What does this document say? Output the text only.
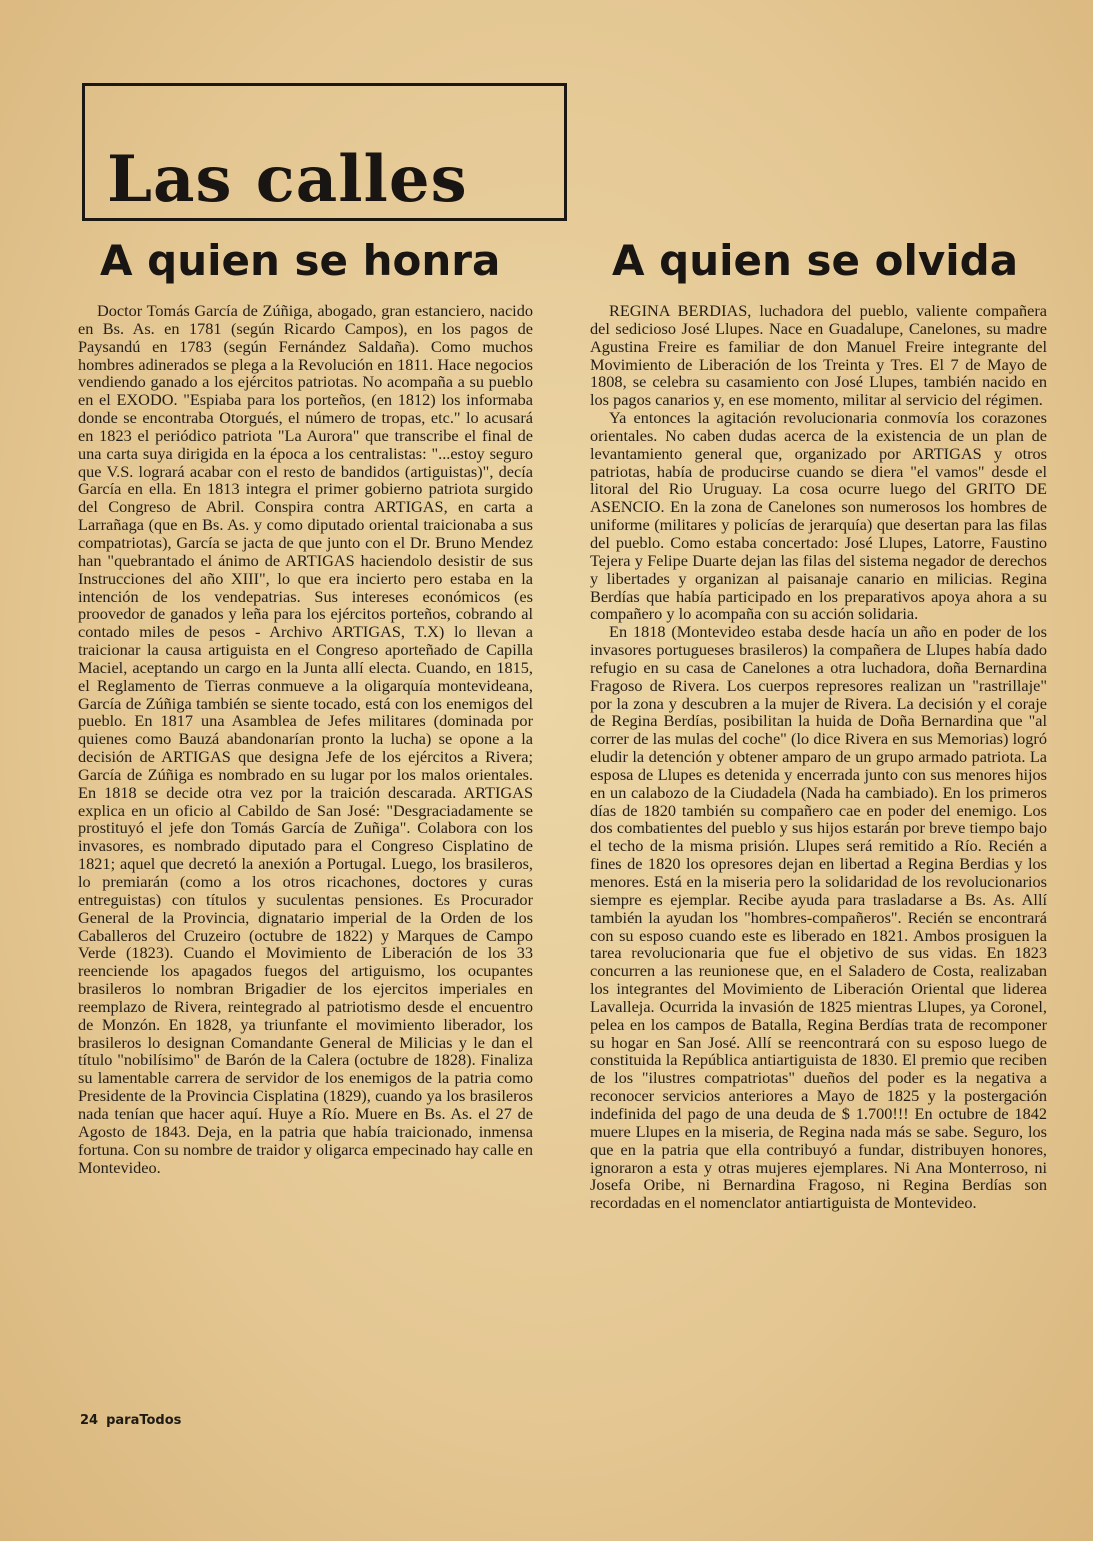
Las calles
A quien se honra	A quien se olvida

Doctor Tomás García de Zúñiga, abogado, gran estanciero, nacido en Bs. As. en 1781 (según Ricardo Campos), en los pagos de Paysandú en 1783 (según Fernández Saldaña). Como muchos hombres adinerados se plega a la Revolución en 1811. Hace negocios vendiendo ganado a los ejércitos patriotas. No acompaña a su pueblo en el EXODO. "Espiaba para los porteños, (en 1812) los informaba donde se encontraba Otorgués, el número de tropas, etc." lo acusará en 1823 el periódico patriota "La Aurora" que transcribe el final de una carta suya dirigida en la época a los centralistas: "...estoy seguro que V.S. logrará acabar con el resto de bandidos (artiguistas)", decía García en ella. En 1813 integra el primer gobierno patriota surgido del Congreso de Abril. Conspira contra ARTIGAS, en carta a Larrañaga (que en Bs. As. y como diputado oriental traicionaba a sus compatriotas), García se jacta de que junto con el Dr. Bruno Mendez han "quebrantado el ánimo de ARTIGAS haciendolo desistir de sus Instrucciones del año XIII", lo que era incierto pero estaba en la intención de los vendepatrias. Sus intereses económicos (es proovedor de ganados y leña para los ejércitos porteños, cobrando al contado miles de pesos - Archivo ARTIGAS, T.X) lo llevan a traicionar la causa artiguista en el Congreso aporteñado de Capilla Maciel, aceptando un cargo en la Junta allí electa. Cuando, en 1815, el Reglamento de Tierras conmueve a la oligarquía montevideana, García de Zúñiga también se siente tocado, está con los enemigos del pueblo. En 1817 una Asamblea de Jefes militares (dominada por quienes como Bauzá abandonarían pronto la lucha) se opone a la decisión de ARTIGAS que designa Jefe de los ejércitos a Rivera; García de Zúñiga es nombrado en su lugar por los malos orientales. En 1818 se decide otra vez por la traición descarada. ARTIGAS explica en un oficio al Cabildo de San José: "Desgraciadamente se prostituyó el jefe don Tomás García de Zuñiga". Colabora con los invasores, es nombrado diputado para el Congreso Cisplatino de 1821; aquel que decretó la anexión a Portugal. Luego, los brasileros, lo premiarán (como a los otros ricachones, doctores y curas entreguistas) con títulos y suculentas pensiones. Es Procurador General de la Provincia, dignatario imperial de la Orden de los Caballeros del Cruzeiro (octubre de 1822) y Marques de Campo Verde (1823). Cuando el Movimiento de Liberación de los 33 reenciende los apagados fuegos del artiguismo, los ocupantes brasileros lo nombran Brigadier de los ejercitos imperiales en reemplazo de Rivera, reintegrado al patriotismo desde el encuentro de Monzón. En 1828, ya triunfante el movimiento liberador, los brasileros lo designan Comandante General de Milicias y le dan el título "nobilísimo" de Barón de la Calera (octubre de 1828). Finaliza su lamentable carrera de servidor de los enemigos de la patria como Presidente de la Provincia Cisplatina (1829), cuando ya los brasileros nada tenían que hacer aquí. Huye a Río. Muere en Bs. As. el 27 de Agosto de 1843. Deja, en la patria que había traicionado, inmensa fortuna. Con su nombre de traidor y oligarca empecinado hay calle en Montevideo.

REGINA BERDIAS, luchadora del pueblo, valiente compañera del sedicioso José Llupes. Nace en Guadalupe, Canelones, su madre Agustina Freire es familiar de don Manuel Freire integrante del Movimiento de Liberación de los Treinta y Tres. El 7 de Mayo de 1808, se celebra su casamiento con José Llupes, también nacido en los pagos canarios y, en ese momento, militar al servicio del régimen.

Ya entonces la agitación revolucionaria conmovía los corazones orientales. No caben dudas acerca de la existencia de un plan de levantamiento general que, organizado por ARTIGAS y otros patriotas, había de producirse cuando se diera "el vamos" desde el litoral del Rio Uruguay. La cosa ocurre luego del GRITO DE ASENCIO. En la zona de Canelones son numerosos los hombres de uniforme (militares y policías de jerarquía) que desertan para las filas del pueblo. Como estaba concertado: José Llupes, Latorre, Faustino Tejera y Felipe Duarte dejan las filas del sistema negador de derechos y libertades y organizan al paisanaje canario en milicias. Regina Berdías que había participado en los preparativos apoya ahora a su compañero y lo acompaña con su acción solidaria.

En 1818 (Montevideo estaba desde hacía un año en poder de los invasores portugueses brasileros) la compañera de Llupes había dado refugio en su casa de Canelones a otra luchadora, doña Bernardina Fragoso de Rivera. Los cuerpos represores realizan un "rastrillaje" por la zona y descubren a la mujer de Rivera. La decisión y el coraje de Regina Berdías, posibilitan la huida de Doña Bernardina que "al correr de las mulas del coche" (lo dice Rivera en sus Memorias) logró eludir la detención y obtener amparo de un grupo armado patriota. La esposa de Llupes es detenida y encerrada junto con sus menores hijos en un calabozo de la Ciudadela (Nada ha cambiado). En los primeros días de 1820 también su compañero cae en poder del enemigo. Los dos combatientes del pueblo y sus hijos estarán por breve tiempo bajo el techo de la misma prisión. Llupes será remitido a Río. Recién a fines de 1820 los opresores dejan en libertad a Regina Berdias y los menores. Está en la miseria pero la solidaridad de los revolucionarios siempre es ejemplar. Recibe ayuda para trasladarse a Bs. As. Allí también la ayudan los "hombres-compañeros". Recién se encontrará con su esposo cuando este es liberado en 1821. Ambos prosiguen la tarea revolucionaria que fue el objetivo de sus vidas. En 1823 concurren a las reunionese que, en el Saladero de Costa, realizaban los integrantes del Movimiento de Liberación Oriental que liderea Lavalleja. Ocurrida la invasión de 1825 mientras Llupes, ya Coronel, pelea en los campos de Batalla, Regina Berdías trata de recomponer su hogar en San José. Allí se reencontrará con su esposo luego de constituida la República antiartiguista de 1830. El premio que reciben de los "ilustres compatriotas" dueños del poder es la negativa a reconocer servicios anteriores a Mayo de 1825 y la postergación indefinida del pago de una deuda de $ 1.700!!! En octubre de 1842 muere Llupes en la miseria, de Regina nada más se sabe. Seguro, los que en la patria que ella contribuyó a fundar, distribuyen honores, ignoraron a esta y otras mujeres ejemplares. Ni Ana Monterroso, ni Josefa Oribe, ni Bernardina Fragoso, ni Regina Berdías son recordadas en el nomenclator antiartiguista de Montevideo.

24 paraTodos
